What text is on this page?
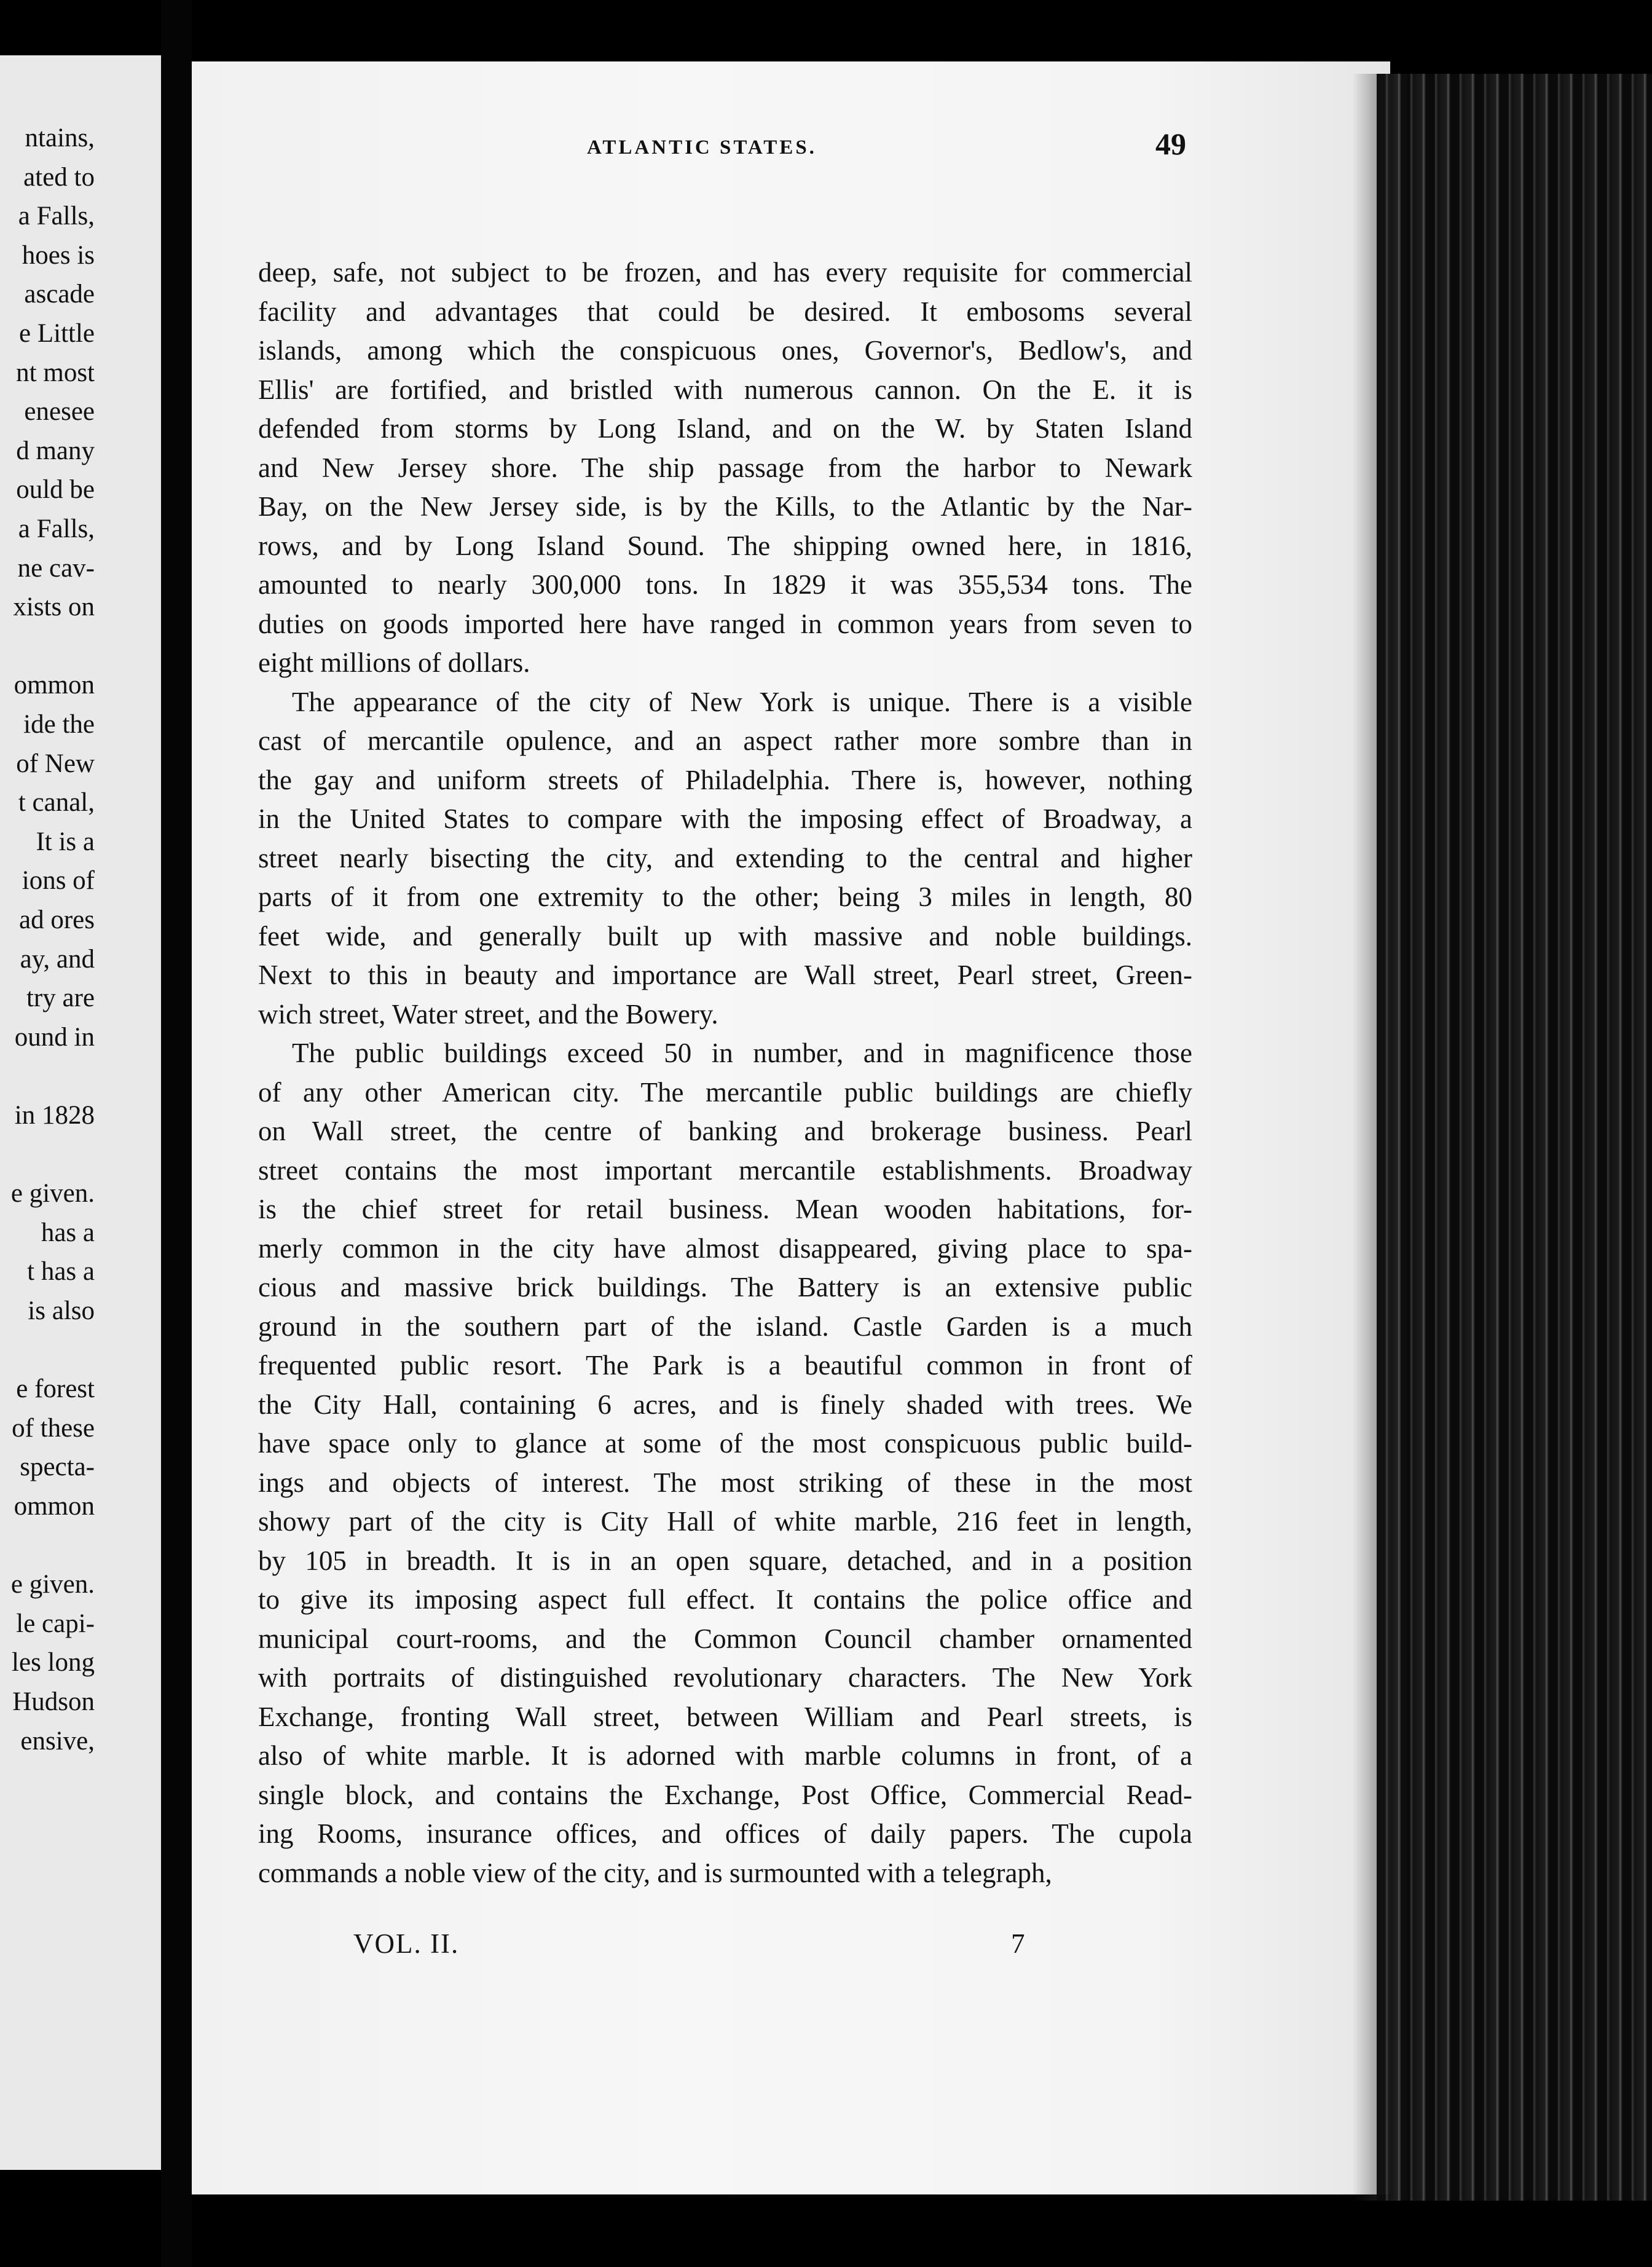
ntains,
ated to
a Falls,
hoes is
ascade
e Little
nt most
enesee
d many
ould be
a Falls,
ne cav-
xists on
ommon
ide the
of New
t canal,
It is a
ions of
ad ores
ay, and
try are
ound in
in 1828
e given.
has a
t has a
is also
e forest
of these
specta-
ommon
e given.
le capi-
les long
Hudson
ensive,
ATLANTIC STATES.	49
deep, safe, not subject to be frozen, and has every requisite for commercial
facility and advantages that could be desired. It embosoms several
islands, among which the conspicuous ones, Governor's, Bedlow's, and
Ellis' are fortified, and bristled with numerous cannon. On the E. it is
defended from storms by Long Island, and on the W. by Staten Island
and New Jersey shore. The ship passage from the harbor to Newark
Bay, on the New Jersey side, is by the Kills, to the Atlantic by the Nar-
rows, and by Long Island Sound. The shipping owned here, in 1816,
amounted to nearly 300,000 tons. In 1829 it was 355,534 tons. The
duties on goods imported here have ranged in common years from seven to
eight millions of dollars.
The appearance of the city of New York is unique. There is a visible
cast of mercantile opulence, and an aspect rather more sombre than in
the gay and uniform streets of Philadelphia. There is, however, nothing
in the United States to compare with the imposing effect of Broadway, a
street nearly bisecting the city, and extending to the central and higher
parts of it from one extremity to the other; being 3 miles in length, 80
feet wide, and generally built up with massive and noble buildings.
Next to this in beauty and importance are Wall street, Pearl street, Green-
wich street, Water street, and the Bowery.
The public buildings exceed 50 in number, and in magnificence those
of any other American city. The mercantile public buildings are chiefly
on Wall street, the centre of banking and brokerage business. Pearl
street contains the most important mercantile establishments. Broadway
is the chief street for retail business. Mean wooden habitations, for-
merly common in the city have almost disappeared, giving place to spa-
cious and massive brick buildings. The Battery is an extensive public
ground in the southern part of the island. Castle Garden is a much
frequented public resort. The Park is a beautiful common in front of
the City Hall, containing 6 acres, and is finely shaded with trees. We
have space only to glance at some of the most conspicuous public build-
ings and objects of interest. The most striking of these in the most
showy part of the city is City Hall of white marble, 216 feet in length,
by 105 in breadth. It is in an open square, detached, and in a position
to give its imposing aspect full effect. It contains the police office and
municipal court-rooms, and the Common Council chamber ornamented
with portraits of distinguished revolutionary characters. The New York
Exchange, fronting Wall street, between William and Pearl streets, is
also of white marble. It is adorned with marble columns in front, of a
single block, and contains the Exchange, Post Office, Commercial Read-
ing Rooms, insurance offices, and offices of daily papers. The cupola
commands a noble view of the city, and is surmounted with a telegraph,
VOL. II.	7
